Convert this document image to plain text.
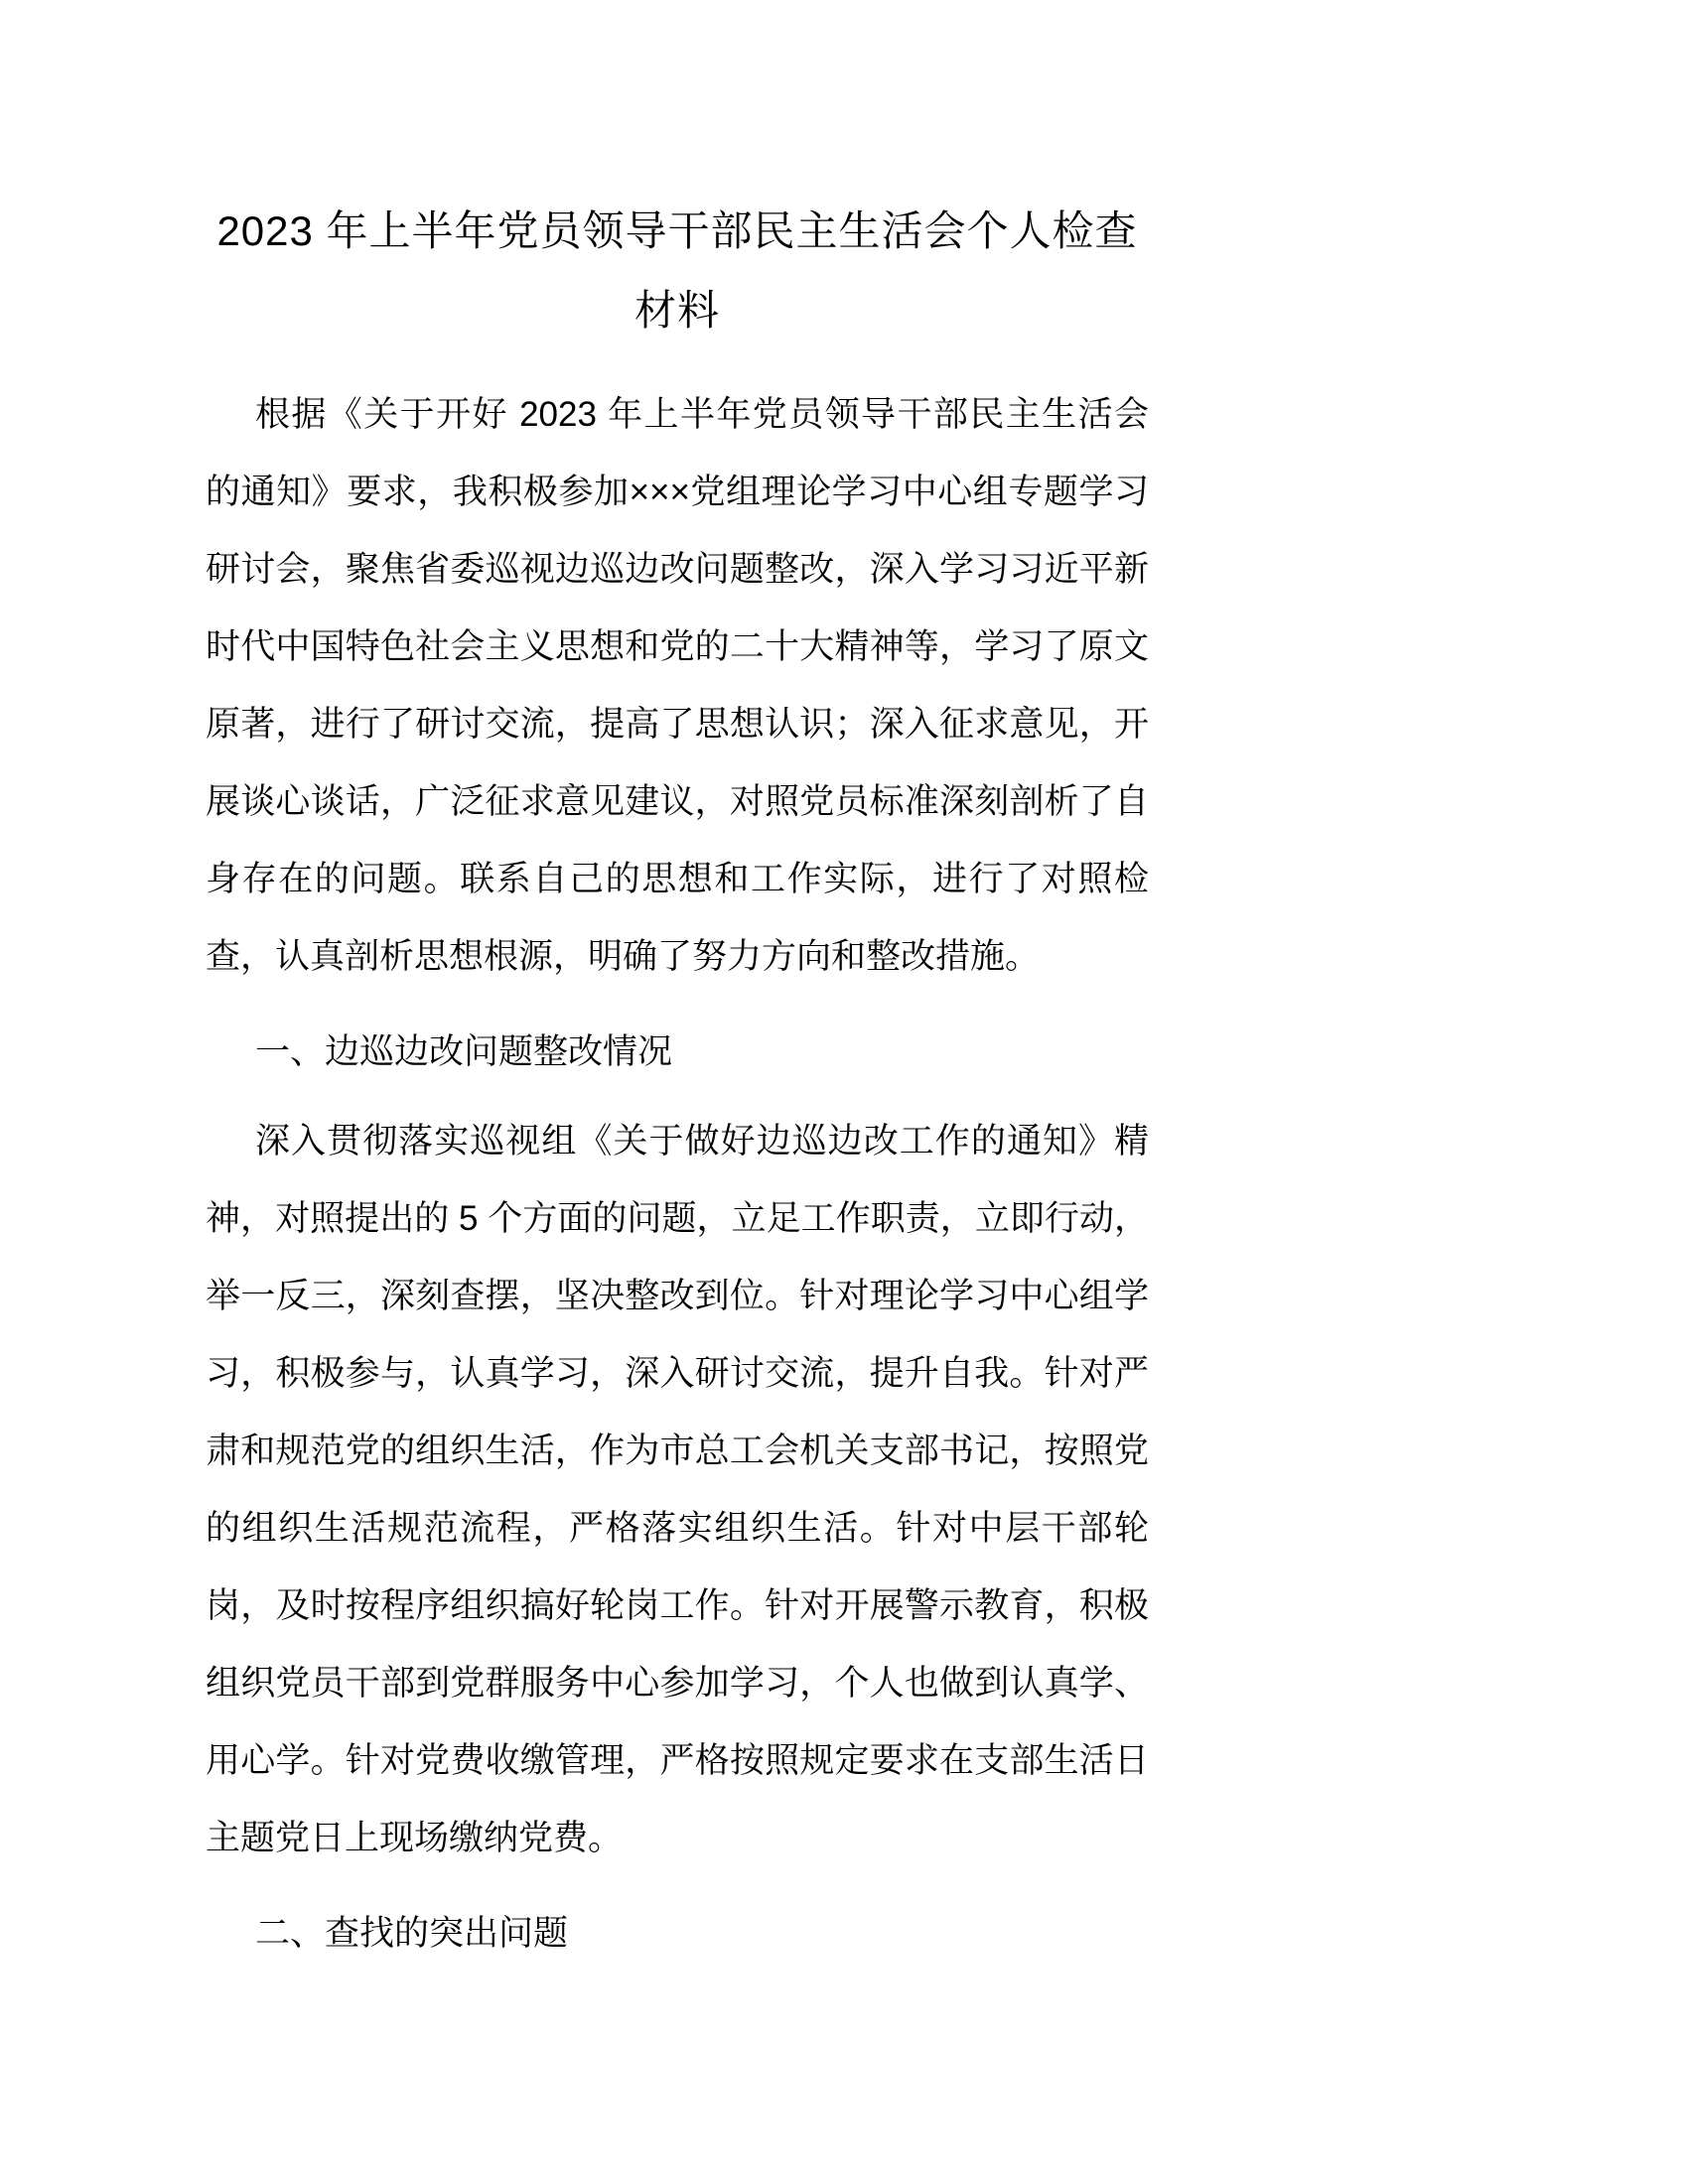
2023 年上半年党员领导干部民主生活会个人检查材料

根据《关于开好 2023 年上半年党员领导干部民主生活会的通知》要求，我积极参加×××党组理论学习中心组专题学习研讨会，聚焦省委巡视边巡边改问题整改，深入学习习近平新时代中国特色社会主义思想和党的二十大精神等，学习了原文原著，进行了研讨交流，提高了思想认识；深入征求意见，开展谈心谈话，广泛征求意见建议，对照党员标准深刻剖析了自身存在的问题。联系自己的思想和工作实际，进行了对照检查，认真剖析思想根源，明确了努力方向和整改措施。

一、边巡边改问题整改情况

深入贯彻落实巡视组《关于做好边巡边改工作的通知》精神，对照提出的 5 个方面的问题，立足工作职责，立即行动，举一反三，深刻查摆，坚决整改到位。针对理论学习中心组学习，积极参与，认真学习，深入研讨交流，提升自我。针对严肃和规范党的组织生活，作为市总工会机关支部书记，按照党的组织生活规范流程，严格落实组织生活。针对中层干部轮岗，及时按程序组织搞好轮岗工作。针对开展警示教育，积极组织党员干部到党群服务中心参加学习，个人也做到认真学、用心学。针对党费收缴管理，严格按照规定要求在支部生活日主题党日上现场缴纳党费。

二、查找的突出问题
